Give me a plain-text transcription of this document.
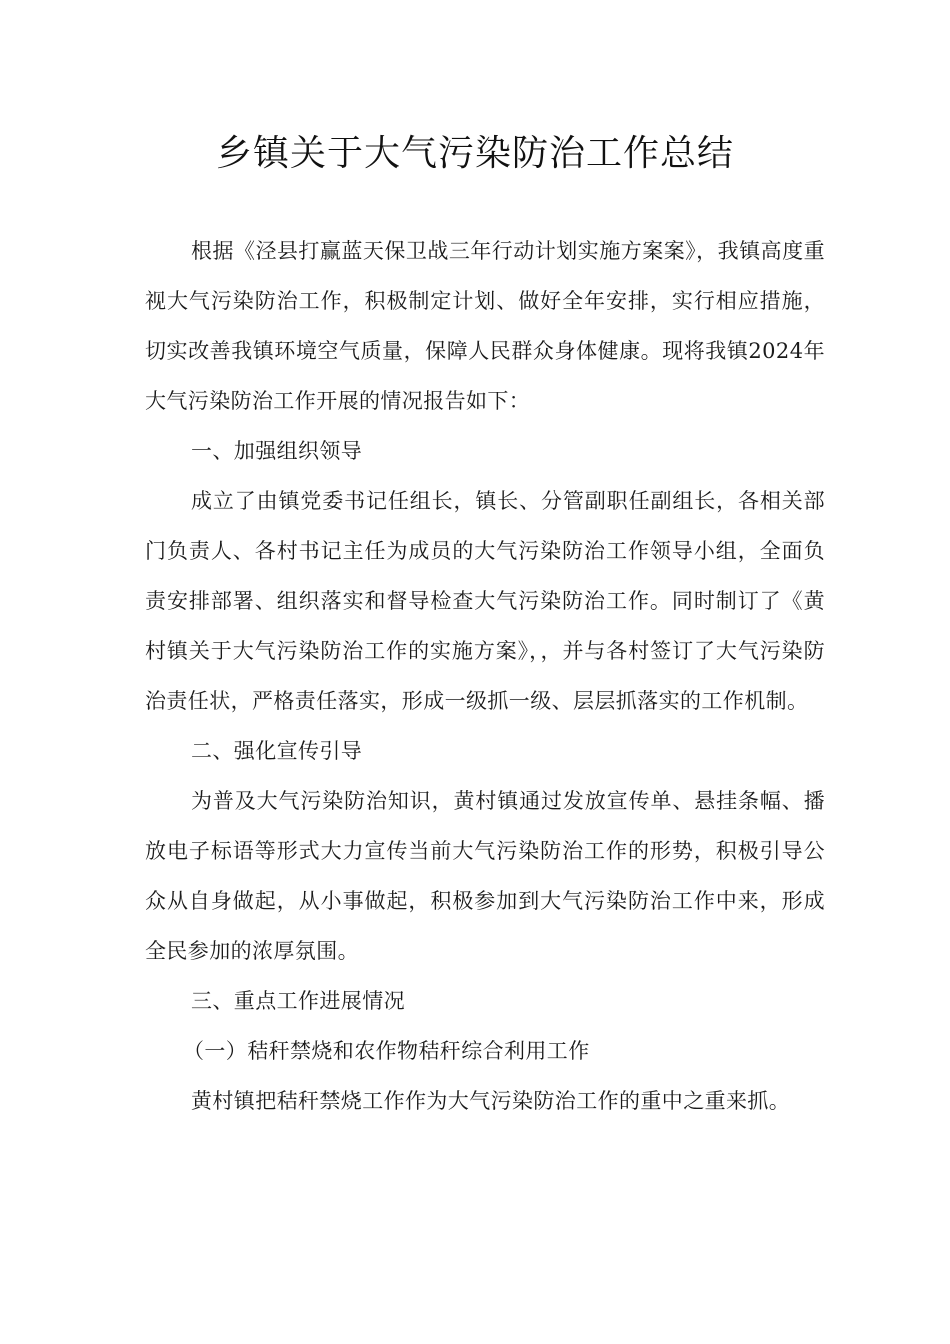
乡镇关于大气污染防治工作总结

根据《泾县打赢蓝天保卫战三年行动计划实施方案案》，我镇高度重视大气污染防治工作，积极制定计划、做好全年安排，实行相应措施，切实改善我镇环境空气质量，保障人民群众身体健康。现将我镇2024年大气污染防治工作开展的情况报告如下：

一、加强组织领导

成立了由镇党委书记任组长，镇长、分管副职任副组长，各相关部门负责人、各村书记主任为成员的大气污染防治工作领导小组，全面负责安排部署、组织落实和督导检查大气污染防治工作。同时制订了《黄村镇关于大气污染防治工作的实施方案》，，并与各村签订了大气污染防治责任状，严格责任落实，形成一级抓一级、层层抓落实的工作机制。

二、强化宣传引导

为普及大气污染防治知识，黄村镇通过发放宣传单、悬挂条幅、播放电子标语等形式大力宣传当前大气污染防治工作的形势，积极引导公众从自身做起，从小事做起，积极参加到大气污染防治工作中来，形成全民参加的浓厚氛围。

三、重点工作进展情况

（一）秸秆禁烧和农作物秸秆综合利用工作

黄村镇把秸秆禁烧工作作为大气污染防治工作的重中之重来抓。
